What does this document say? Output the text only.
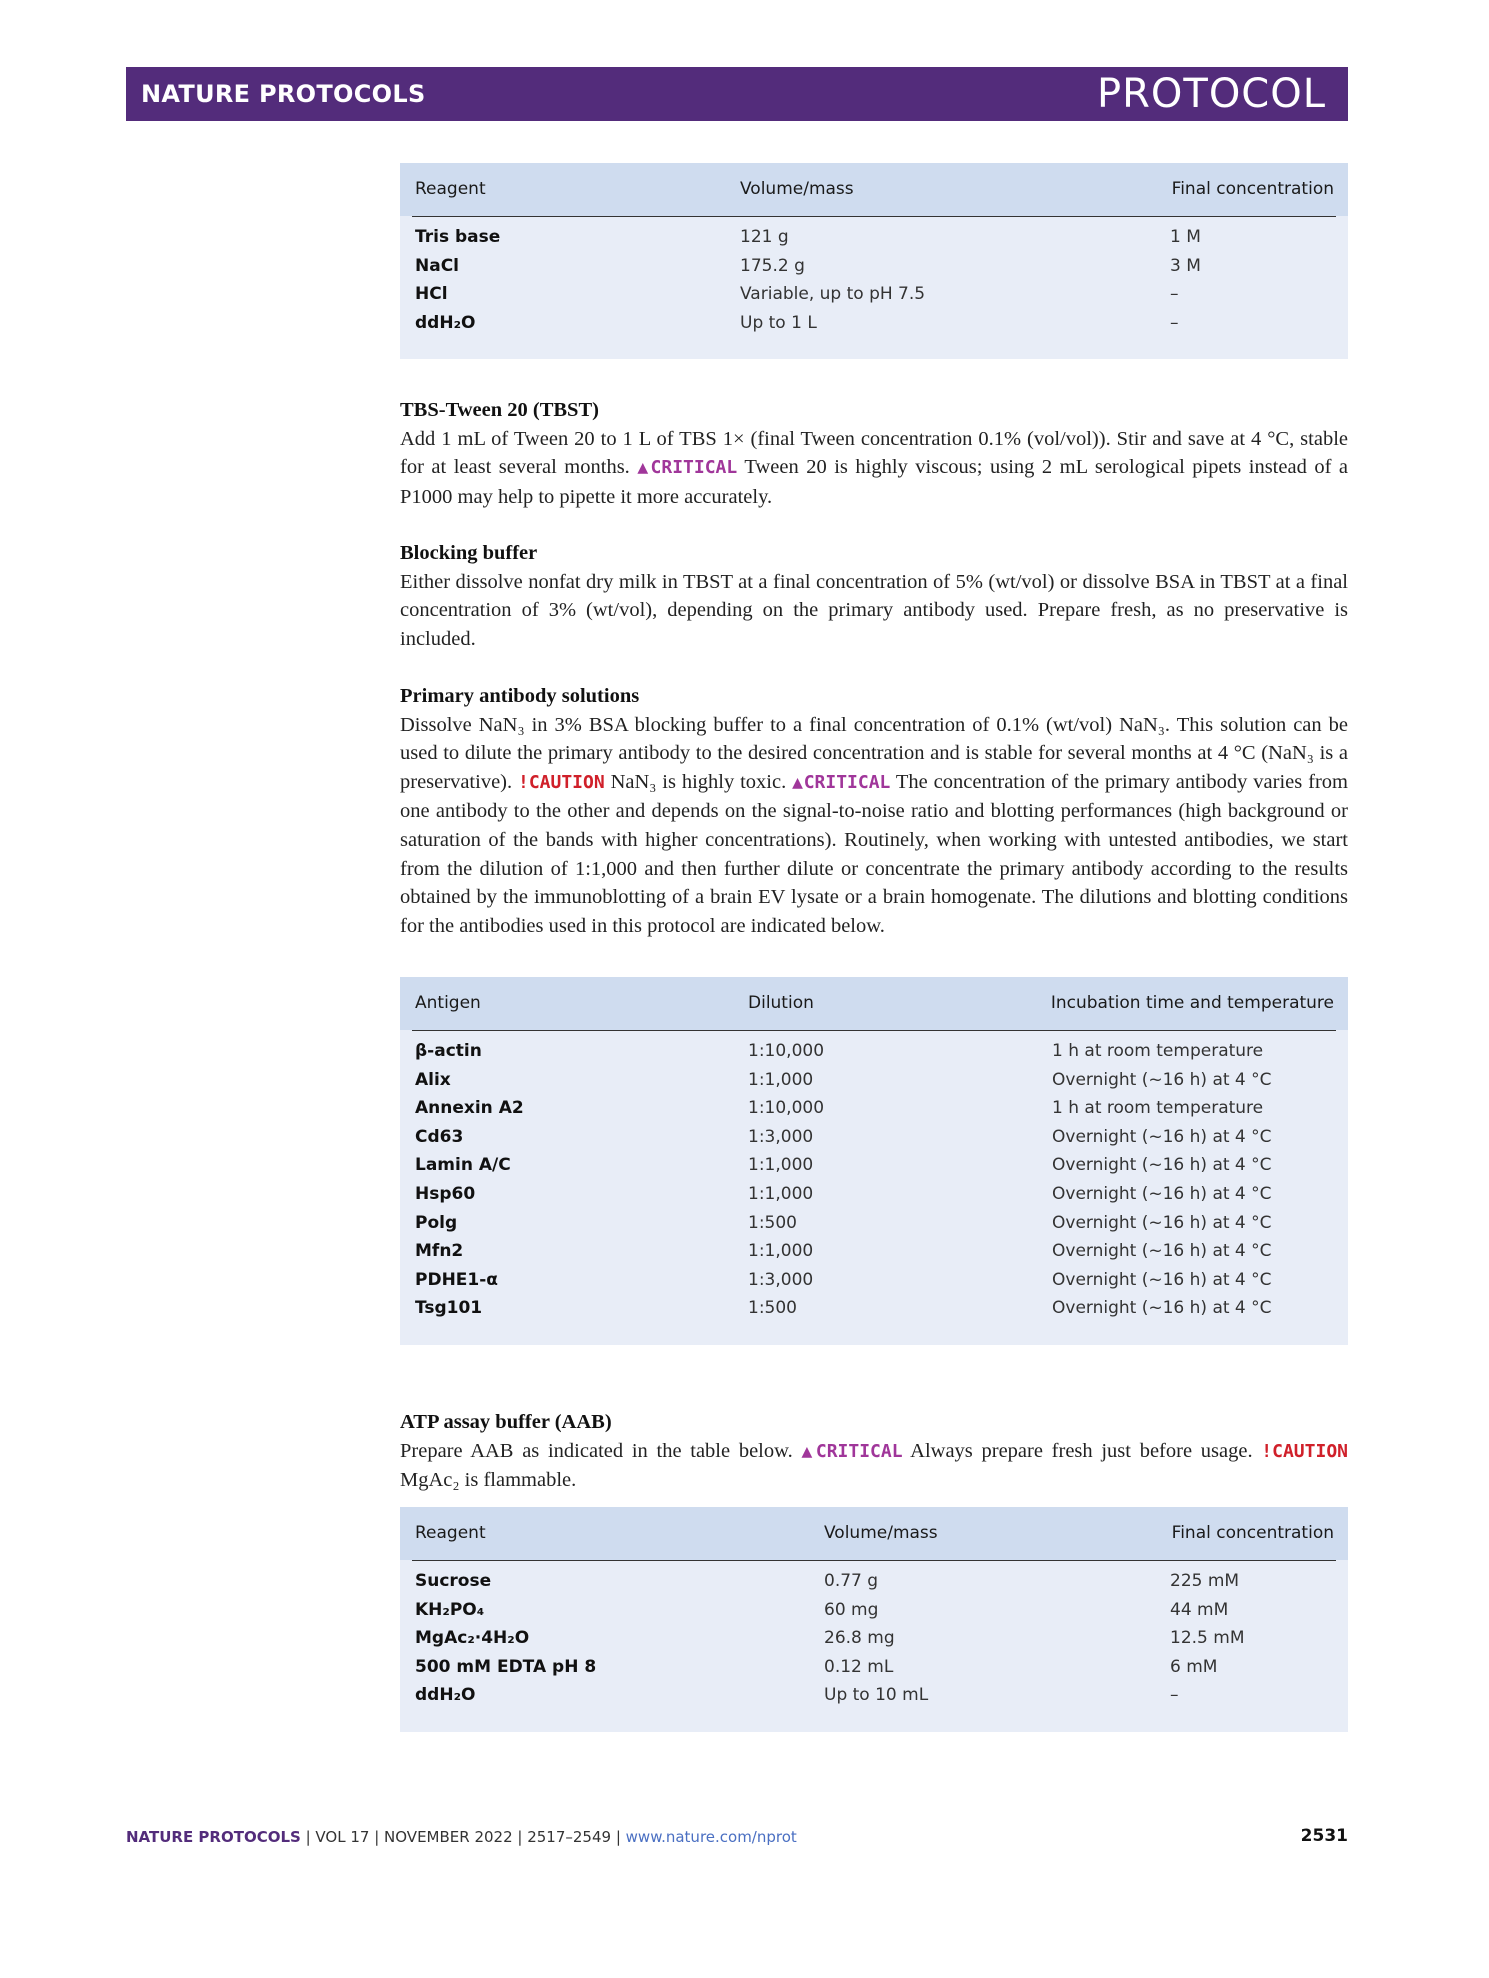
NATURE PROTOCOLS	PROTOCOL
Reagent	Volume/mass	Final concentration
Tris base	121 g	1 M
NaCl	175.2 g	3 M
HCl	Variable, up to pH 7.5	–
ddH₂O	Up to 1 L	–
TBS-Tween 20 (TBST)

Add 1 mL of Tween 20 to 1 L of TBS 1× (final Tween concentration 0.1% (vol/vol)). Stir and save at 4 °C, stable for at least several months. ▲CRITICAL Tween 20 is highly viscous; using 2 mL serological pipets instead of a P1000 may help to pipette it more accurately.

Blocking buffer

Either dissolve nonfat dry milk in TBST at a final concentration of 5% (wt/vol) or dissolve BSA in TBST at a final concentration of 3% (wt/vol), depending on the primary antibody used. Prepare fresh, as no preservative is included.

Primary antibody solutions

Dissolve NaN₃ in 3% BSA blocking buffer to a final concentration of 0.1% (wt/vol) NaN₃. This solution can be used to dilute the primary antibody to the desired concentration and is stable for several months at 4 °C (NaN₃ is a preservative). !CAUTION NaN₃ is highly toxic. ▲CRITICAL The concentration of the primary antibody varies from one antibody to the other and depends on the signal-to-noise ratio and blotting performances (high background or saturation of the bands with higher concentrations). Routinely, when working with untested antibodies, we start from the dilution of 1:1,000 and then further dilute or concentrate the primary antibody according to the results obtained by the immunoblotting of a brain EV lysate or a brain homogenate. The dilutions and blotting conditions for the antibodies used in this protocol are indicated below.

Antigen	Dilution	Incubation time and temperature
β-actin	1:10,000	1 h at room temperature
Alix	1:1,000	Overnight (~16 h) at 4 °C
Annexin A2	1:10,000	1 h at room temperature
Cd63	1:3,000	Overnight (~16 h) at 4 °C
Lamin A/C	1:1,000	Overnight (~16 h) at 4 °C
Hsp60	1:1,000	Overnight (~16 h) at 4 °C
Polg	1:500	Overnight (~16 h) at 4 °C
Mfn2	1:1,000	Overnight (~16 h) at 4 °C
PDHE1-α	1:3,000	Overnight (~16 h) at 4 °C
Tsg101	1:500	Overnight (~16 h) at 4 °C
ATP assay buffer (AAB)

Prepare AAB as indicated in the table below. ▲CRITICAL Always prepare fresh just before usage. !CAUTION MgAc₂ is flammable.

Reagent	Volume/mass	Final concentration
Sucrose	0.77 g	225 mM
KH₂PO₄	60 mg	44 mM
MgAc₂·4H₂O	26.8 mg	12.5 mM
500 mM EDTA pH 8	0.12 mL	6 mM
ddH₂O	Up to 10 mL	–
NATURE PROTOCOLS | VOL 17 | NOVEMBER 2022 | 2517–2549 | www.nature.com/nprot	2531
